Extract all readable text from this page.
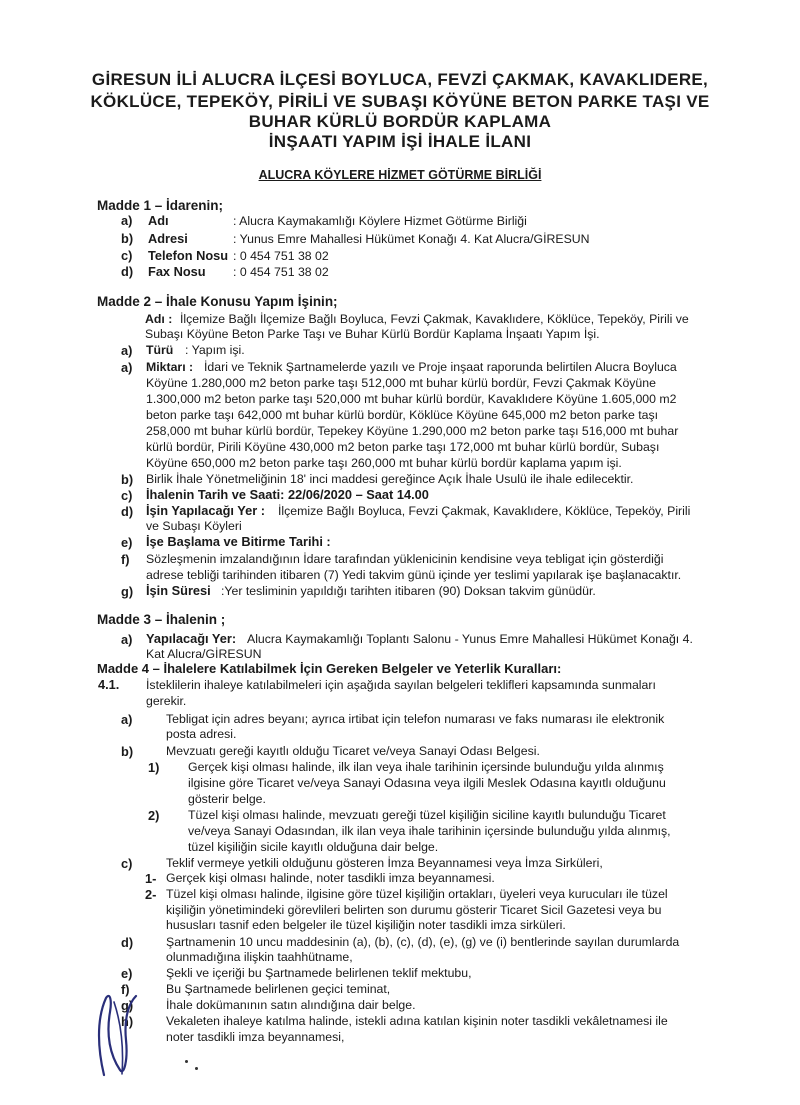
GİRESUN İLİ ALUCRA İLÇESİ BOYLUCA, FEVZİ ÇAKMAK, KAVAKLIDERE,
KÖKLÜCE, TEPEKÖY, PİRİLİ VE SUBAŞI KÖYÜNE BETON PARKE TAŞI VE
BUHAR KÜRLÜ BORDÜR KAPLAMA
İNŞAATI YAPIM İŞİ İHALE İLANI
ALUCRA KÖYLERE HİZMET GÖTÜRME BİRLİĞİ
Madde 1 – İdarenin;
a) Adı	: Alucra Kaymakamlığı Köylere Hizmet Götürme Birliği
b) Adresi	: Yunus Emre Mahallesi Hükümet Konağı 4. Kat Alucra/GİRESUN
c) Telefon Nosu : 0 454 751 38 02
d) Fax Nosu : 0 454 751 38 02
Madde 2 – İhale Konusu Yapım İşinin;
Adı : İlçemize Bağlı İlçemize Bağlı Boyluca, Fevzi Çakmak, Kavaklıdere, Köklüce, Tepeköy, Pirili ve
Subaşı Köyüne Beton Parke Taşı ve Buhar Kürlü Bordür Kaplama İnşaatı Yapım İşi.
a) Türü : Yapım işi.
a) Miktarı : İdari ve Teknik Şartnamelerde yazılı ve Proje inşaat raporunda belirtilen Alucra Boyluca
Köyüne 1.280,000 m2 beton parke taşı 512,000 mt buhar kürlü bordür, Fevzi Çakmak Köyüne
1.300,000 m2 beton parke taşı 520,000 mt buhar kürlü bordür, Kavaklıdere Köyüne 1.605,000 m2
beton parke taşı 642,000 mt buhar kürlü bordür, Köklüce Köyüne 645,000 m2 beton parke taşı
258,000 mt buhar kürlü bordür, Tepekey Köyüne 1.290,000 m2 beton parke taşı 516,000 mt buhar
kürlü bordür, Pirili Köyüne 430,000 m2 beton parke taşı 172,000 mt buhar kürlü bordür, Subaşı
Köyüne 650,000 m2 beton parke taşı 260,000 mt buhar kürlü bordür kaplama yapım işi.
b) Birlik İhale Yönetmeliğinin 18' inci maddesi gereğince Açık İhale Usulü ile ihale edilecektir.
c) İhalenin Tarih ve Saati: 22/06/2020 – Saat 14.00
d) İşin Yapılacağı Yer : İlçemize Bağlı Boyluca, Fevzi Çakmak, Kavaklıdere, Köklüce, Tepeköy, Pirili
ve Subaşı Köyleri
e) İşe Başlama ve Bitirme Tarihi :
f) Sözleşmenin imzalandığının İdare tarafından yüklenicinin kendisine veya tebligat için gösterdiği
adrese tebliği tarihinden itibaren (7) Yedi takvim günü içinde yer teslimi yapılarak işe başlanacaktır.
g) İşin Süresi :Yer tesliminin yapıldığı tarihten itibaren (90) Doksan takvim günüdür.
Madde 3 – İhalenin ;
a) Yapılacağı Yer: Alucra Kaymakamlığı Toplantı Salonu - Yunus Emre Mahallesi Hükümet Konağı 4.
Kat Alucra/GİRESUN
Madde 4 – İhalelere Katılabilmek İçin Gereken Belgeler ve Yeterlik Kuralları:
4.1. İsteklilerin ihaleye katılabilmeleri için aşağıda sayılan belgeleri teklifleri kapsamında sunmaları
gerekir.
a)	Tebligat için adres beyanı; ayrıca irtibat için telefon numarası ve faks numarası ile elektronik
posta adresi.
b)	Mevzuatı gereği kayıtlı olduğu Ticaret ve/veya Sanayi Odası Belgesi.
1) Gerçek kişi olması halinde, ilk ilan veya ihale tarihinin içersinde bulunduğu yılda alınmış
ilgisine göre Ticaret ve/veya Sanayi Odasına veya ilgili Meslek Odasına kayıtlı olduğunu
gösterir belge.
2) Tüzel kişi olması halinde, mevzuatı gereği tüzel kişiliğin siciline kayıtlı bulunduğu Ticaret
ve/veya Sanayi Odasından, ilk ilan veya ihale tarihinin içersinde bulunduğu yılda alınmış,
tüzel kişiliğin sicile kayıtlı olduğuna dair belge.
c)	Teklif vermeye yetkili olduğunu gösteren İmza Beyannamesi veya İmza Sirküleri,
1- Gerçek kişi olması halinde, noter tasdikli imza beyannamesi.
2- Tüzel kişi olması halinde, ilgisine göre tüzel kişiliğin ortakları, üyeleri veya kurucuları ile tüzel
kişiliğin yönetimindeki görevlileri belirten son durumu gösterir Ticaret Sicil Gazetesi veya bu
hususları tasnif eden belgeler ile tüzel kişiliğin noter tasdikli imza sirküleri.
d)	Şartnamenin 10 uncu maddesinin (a), (b), (c), (d), (e), (g) ve (i) bentlerinde sayılan durumlarda
olunmadığına ilişkin taahhütname,
e)	Şekli ve içeriği bu Şartnamede belirlenen teklif mektubu,
f)	Bu Şartnamede belirlenen geçici teminat,
g)	İhale dokümanının satın alındığına dair belge.
h)	Vekaleten ihaleye katılma halinde, istekli adına katılan kişinin noter tasdikli vekâletnamesi ile
noter tasdikli imza beyannamesi,
